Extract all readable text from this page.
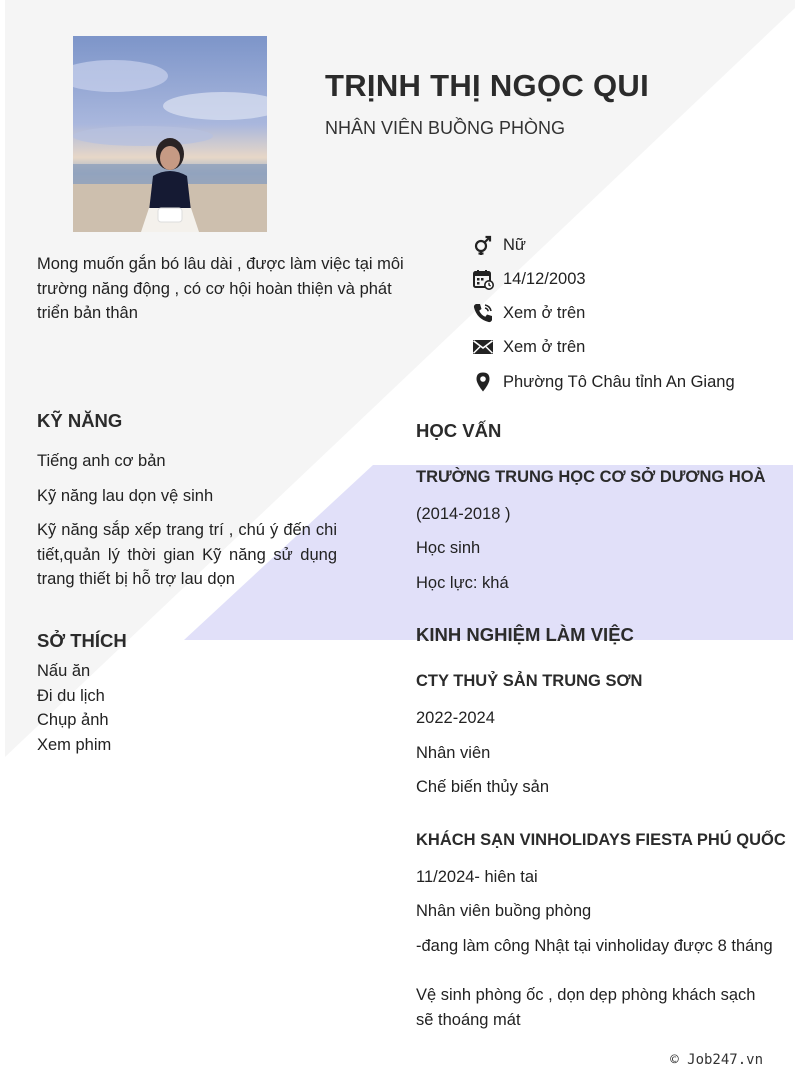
TRỊNH THỊ NGỌC QUI
NHÂN VIÊN BUỒNG PHÒNG
Mong muốn gắn bó lâu dài , được làm việc tại môi trường năng động , có cơ hội hoàn thiện và phát triển bản thân
Nữ
14/12/2003
Xem ở trên
Xem ở trên
Phường Tô Châu tỉnh An Giang
KỸ NĂNG
Tiếng anh cơ bản
Kỹ năng lau dọn vệ sinh
Kỹ năng sắp xếp trang trí , chú ý đến chi tiết,quản lý thời gian Kỹ năng sử dụng trang thiết bị hỗ trợ lau dọn
SỞ THÍCH
Nấu ăn
Đi du lịch
Chụp ảnh
Xem phim
HỌC VẤN
TRƯỜNG TRUNG HỌC CƠ SỞ DƯƠNG HOÀ
(2014-2018 )
Học sinh
Học lực: khá
KINH NGHIỆM LÀM VIỆC
CTY THUỶ SẢN TRUNG SƠN
2022-2024
Nhân viên
Chế biến thủy sản
KHÁCH SẠN VINHOLIDAYS FIESTA PHÚ QUỐC
11/2024- hiên tai
Nhân viên buồng phòng
-đang làm công Nhật tại vinholiday được 8 tháng
Vệ sinh phòng ốc , dọn dẹp phòng khách sạch sẽ thoáng mát
© Job247.vn
